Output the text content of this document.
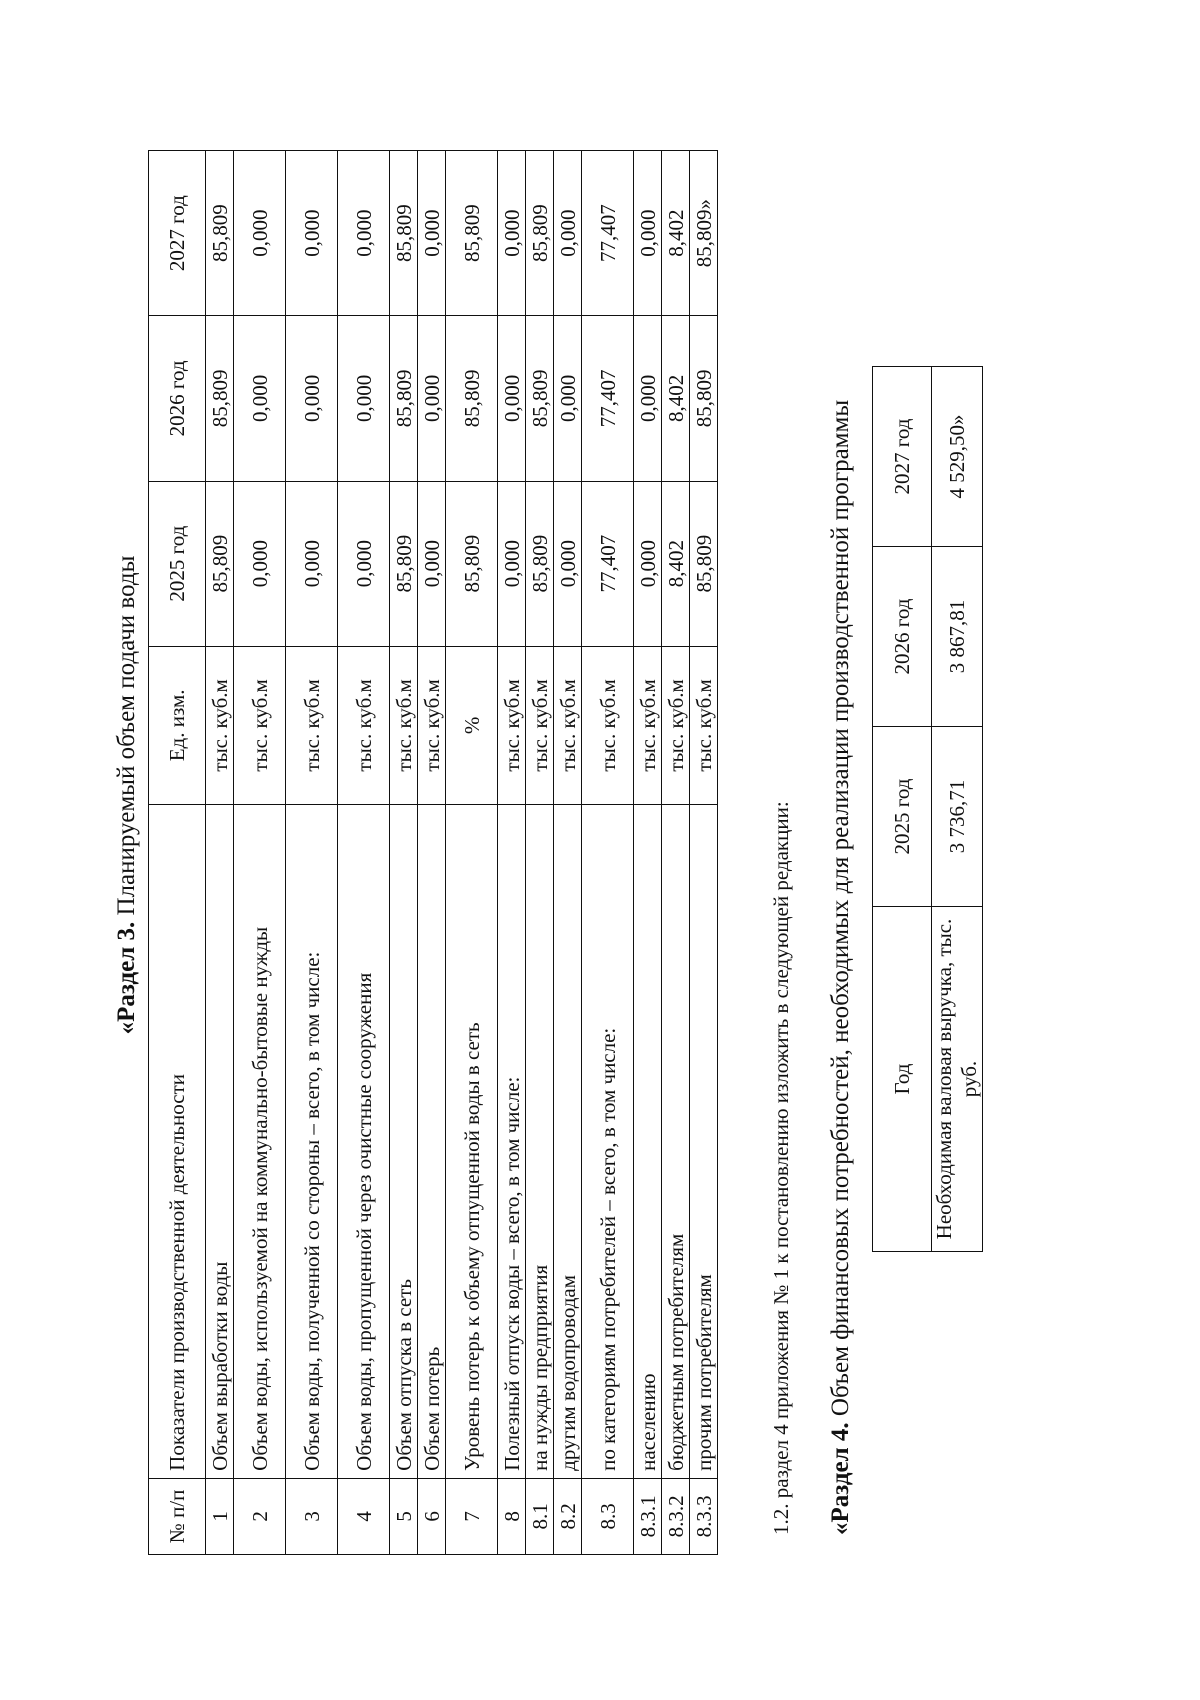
«Раздел 3. Планируемый объем подачи воды
№ п/п	Показатели производственной деятельности	Ед. изм.	2025 год	2026 год	2027 год
1	Объем выработки воды	тыс. куб.м	85,809	85,809	85,809
2	Объем воды, используемой на коммунально-бытовые нужды	тыс. куб.м	0,000	0,000	0,000
3	Объем воды, полученной со стороны – всего, в том числе:	тыс. куб.м	0,000	0,000	0,000
4	Объем воды, пропущенной через очистные сооружения	тыс. куб.м	0,000	0,000	0,000
5	Объем отпуска в сеть	тыс. куб.м	85,809	85,809	85,809
6	Объем потерь	тыс. куб.м	0,000	0,000	0,000
7	Уровень потерь к объему отпущенной воды в сеть	%	85,809	85,809	85,809
8	Полезный отпуск воды – всего, в том числе:	тыс. куб.м	0,000	0,000	0,000
8.1	на нужды предприятия	тыс. куб.м	85,809	85,809	85,809
8.2	другим водопроводам	тыс. куб.м	0,000	0,000	0,000
8.3	по категориям потребителей – всего, в том числе:	тыс. куб.м	77,407	77,407	77,407
8.3.1	населению	тыс. куб.м	0,000	0,000	0,000
8.3.2	бюджетным потребителям	тыс. куб.м	8,402	8,402	8,402
8.3.3	прочим потребителям	тыс. куб.м	85,809	85,809	85,809»
1.2. раздел 4 приложения № 1 к постановлению изложить в следующей редакции: «Раздел 4. Объем финансовых потребностей, необходимых для реализации производственной программы Год	2025 год	2026 год	2027 год
Необходимая валовая выручка, тыс. руб.	3 736,71	3 867,81	4 529,50»
